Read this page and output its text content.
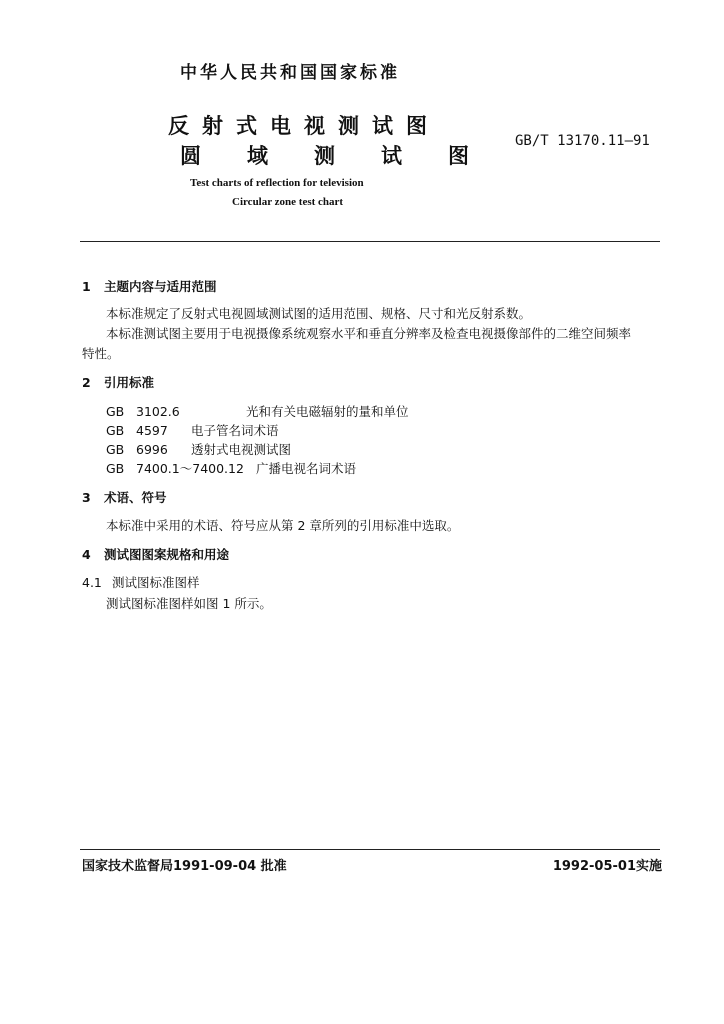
中华人民共和国国家标准
反射式电视测试图
圆域测试图
GB/T 13170.11—91
Test charts of reflection for television
Circular zone test chart
1 主题内容与适用范围
本标准规定了反射式电视圆域测试图的适用范围、规格、尺寸和光反射系数。
本标准测试图主要用于电视摄像系统观察水平和垂直分辨率及检查电视摄像部件的二维空间频率
特性。
2 引用标准
GB 3102.6	光和有关电磁辐射的量和单位
GB 4597 电子管名词术语
GB 6996 透射式电视测试图
GB 7400.1～7400.12 广播电视名词术语
3 术语、符号
本标准中采用的术语、符号应从第 2 章所列的引用标准中选取。
4 测试图图案规格和用途
4.1 测试图标准图样
测试图标准图样如图 1 所示。
国家技术监督局1991-09-04 批准	1992-05-01实施
